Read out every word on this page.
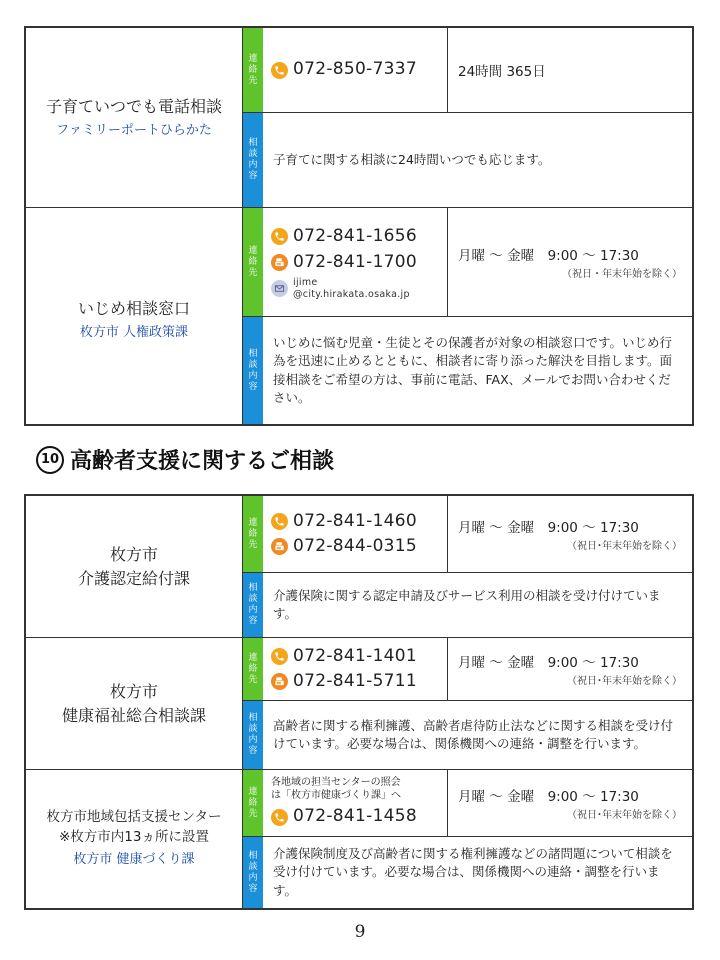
子育ていつでも電話相談
ファミリーポートひらかた
連
絡
先
072-850-7337	24時間 365日
相
談
内
容
子育てに関する相談に24時間いつでも応じます。
いじめ相談窓口
枚方市 人権政策課
連
絡
先
072-841-1656
072-841-1700
ijime
@city.hirakata.osaka.jp
月曜 ～ 金曜　9:00 ～ 17:30
（祝日・年末年始を除く）
相
談
内
容
いじめに悩む児童・生徒とその保護者が対象の相談窓口です。いじめ行為を迅速に止めるとともに、相談者に寄り添った解決を目指します。面接相談をご希望の方は、事前に電話、FAX、メールでお問い合わせください。
10 高齢者支援に関するご相談
枚方市
介護認定給付課
連
絡
先
072-841-1460
072-844-0315
月曜 ～ 金曜　9:00 ～ 17:30
（祝日･年末年始を除く）
相
談
内
容
介護保険に関する認定申請及びサービス利用の相談を受け付けています。
枚方市
健康福祉総合相談課
連
絡
先
072-841-1401
072-841-5711
月曜 ～ 金曜　9:00 ～ 17:30
（祝日･年末年始を除く）
相
談
内
容
高齢者に関する権利擁護、高齢者虐待防止法などに関する相談を受け付けています。必要な場合は、関係機関への連絡・調整を行います。
枚方市地域包括支援センター
※枚方市内13ヵ所に設置
枚方市 健康づくり課
連
絡
先
各地域の担当センターの照会
は「枚方市健康づくり課」へ
072-841-1458
月曜 ～ 金曜　9:00 ～ 17:30
（祝日･年末年始を除く）
相
談
内
容
介護保険制度及び高齢者に関する権利擁護などの諸問題について相談を受け付けています。必要な場合は、関係機関への連絡・調整を行います。
9
